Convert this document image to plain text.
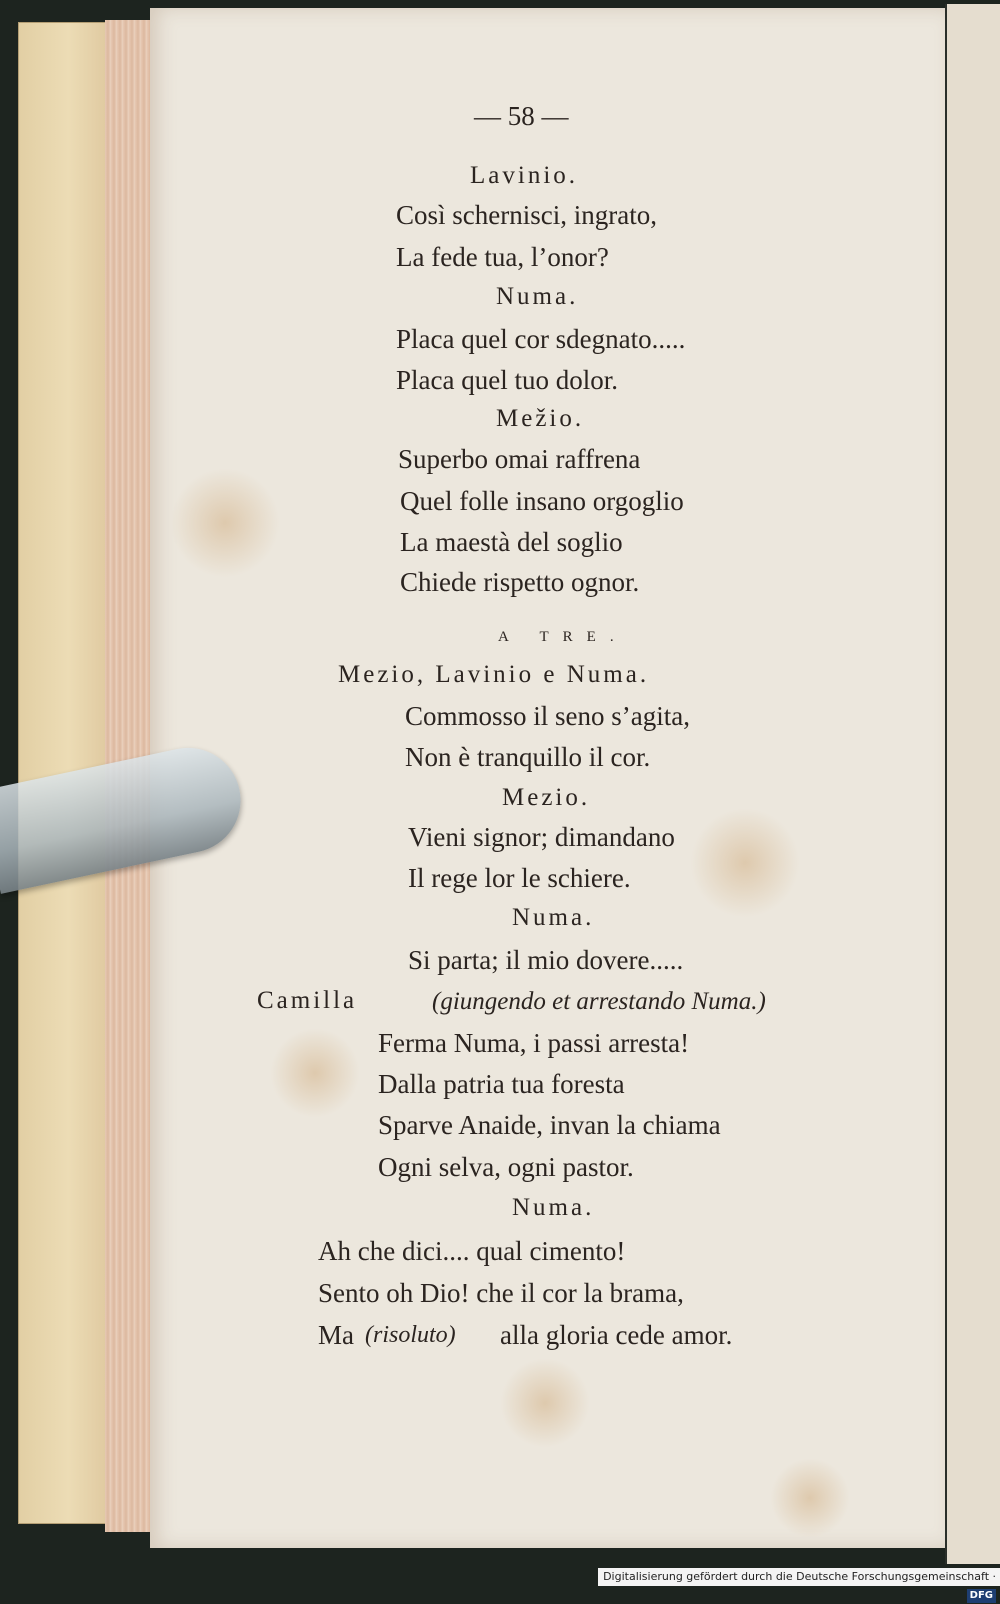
— 58 —
Lavinio.
Così schernisci, ingrato,
La fede tua, l’onor?
Numa.
Placa quel cor sdegnato.....
Placa quel tuo dolor.
Mežio.
Superbo omai raffrena
Quel folle insano orgoglio
La maestà del soglio
Chiede rispetto ognor.
A TRE.
Mezio, Lavinio e Numa.
Commosso il seno s’agita,
Non è tranquillo il cor.
Mezio.
Vieni signor; dimandano
Il rege lor le schiere.
Numa.
Si parta; il mio dovere.....
Camilla	(giungendo et arrestando Numa.)
Ferma Numa, i passi arresta!
Dalla patria tua foresta
Sparve Anaide, invan la chiama
Ogni selva, ogni pastor.
Numa.
Ah che dici.... qual cimento!
Sento oh Dio! che il cor la brama,
Ma (risoluto) alla gloria cede amor.
Digitalisierung gefördert durch die Deutsche Forschungsgemeinschaft ·DFG
